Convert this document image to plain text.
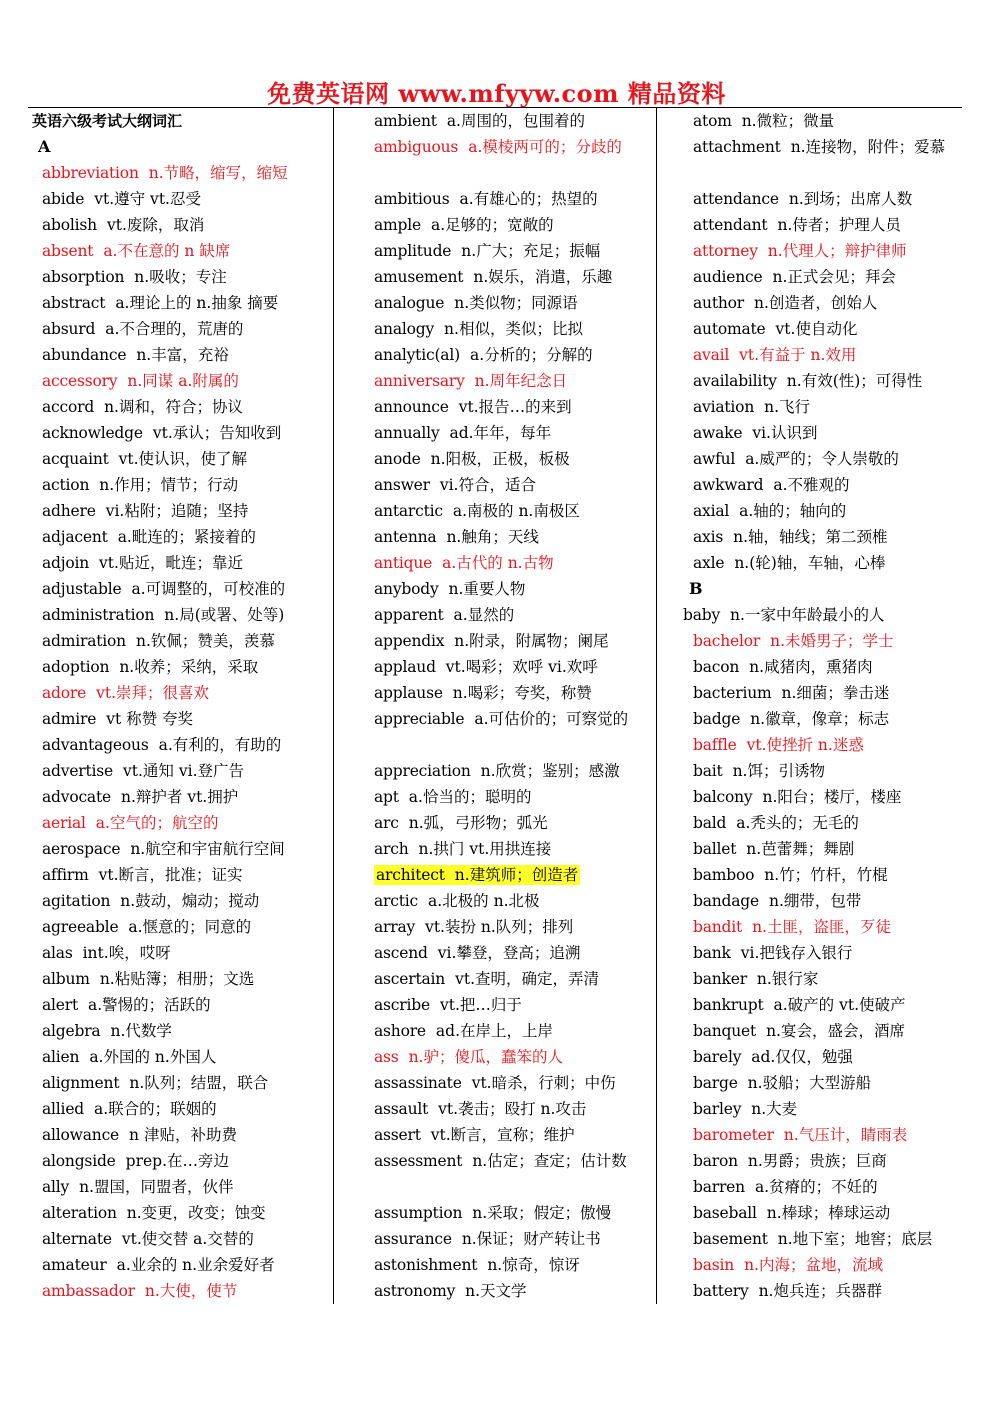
免费英语网 www.mfyyw.com 精品资料
英语六级考试大纲词汇
A
abbreviation n.节略，缩写，缩短
abide vt.遵守 vt.忍受
abolish vt.废除，取消
absent a.不在意的 n 缺席
absorption n.吸收；专注
abstract a.理论上的 n.抽象 摘要
absurd a.不合理的，荒唐的
abundance n.丰富，充裕
accessory n.同谋 a.附属的
accord n.调和，符合；协议
acknowledge vt.承认；告知收到
acquaint vt.使认识，使了解
action n.作用；情节；行动
adhere vi.粘附；追随；坚持
adjacent a.毗连的；紧接着的
adjoin vt.贴近，毗连；靠近
adjustable a.可调整的，可校准的
administration n.局(或署、处等)
admiration n.钦佩；赞美，羡慕
adoption n.收养；采纳，采取
adore vt.崇拜；很喜欢
admire vt 称赞 夸奖
advantageous a.有利的，有助的
advertise vt.通知 vi.登广告
advocate n.辩护者 vt.拥护
aerial a.空气的；航空的
aerospace n.航空和宇宙航行空间
affirm vt.断言，批准；证实
agitation n.鼓动，煽动；搅动
agreeable a.惬意的；同意的
alas int.唉，哎呀
album n.粘贴簿；相册；文选
alert a.警惕的；活跃的
algebra n.代数学
alien a.外国的 n.外国人
alignment n.队列；结盟，联合
allied a.联合的；联姻的
allowance n 津贴，补助费
alongside prep.在…旁边
ally n.盟国，同盟者，伙伴
alteration n.变更，改变；蚀变
alternate vt.使交替 a.交替的
amateur a.业余的 n.业余爱好者
ambassador n.大使，使节
ambient a.周围的，包围着的
ambiguous a.模棱两可的；分歧的
ambitious a.有雄心的；热望的
ample a.足够的；宽敞的
amplitude n.广大；充足；振幅
amusement n.娱乐，消遣，乐趣
analogue n.类似物；同源语
analogy n.相似，类似；比拟
analytic(al) a.分析的；分解的
anniversary n.周年纪念日
announce vt.报告…的来到
annually ad.年年，每年
anode n.阳极，正极，板极
answer vi.符合，适合
antarctic a.南极的 n.南极区
antenna n.触角；天线
antique a.古代的 n.古物
anybody n.重要人物
apparent a.显然的
appendix n.附录，附属物；阑尾
applaud vt.喝彩；欢呼 vi.欢呼
applause n.喝彩；夸奖，称赞
appreciable a.可估价的；可察觉的
appreciation n.欣赏；鉴别；感激
apt a.恰当的；聪明的
arc n.弧，弓形物；弧光
arch n.拱门 vt.用拱连接
architect n.建筑师；创造者
arctic a.北极的 n.北极
array vt.装扮 n.队列；排列
ascend vi.攀登，登高；追溯
ascertain vt.查明，确定，弄清
ascribe vt.把…归于
ashore ad.在岸上，上岸
ass n.驴；傻瓜，蠢笨的人
assassinate vt.暗杀，行刺；中伤
assault vt.袭击；殴打 n.攻击
assert vt.断言，宣称；维护
assessment n.估定；查定；估计数
assumption n.采取；假定；傲慢
assurance n.保证；财产转让书
astonishment n.惊奇，惊讶
astronomy n.天文学
atom n.微粒；微量
attachment n.连接物，附件；爱慕
attendance n.到场；出席人数
attendant n.侍者；护理人员
attorney n.代理人；辩护律师
audience n.正式会见；拜会
author n.创造者，创始人
automate vt.使自动化
avail vt.有益于 n.效用
availability n.有效(性)；可得性
aviation n.飞行
awake vi.认识到
awful a.威严的；令人崇敬的
awkward a.不雅观的
axial a.轴的；轴向的
axis n.轴，轴线；第二颈椎
axle n.(轮)轴，车轴，心棒
B
baby n.一家中年龄最小的人
bachelor n.未婚男子；学士
bacon n.咸猪肉，熏猪肉
bacterium n.细菌；拳击迷
badge n.徽章，像章；标志
baffle vt.使挫折 n.迷惑
bait n.饵；引诱物
balcony n.阳台；楼厅，楼座
bald a.秃头的；无毛的
ballet n.芭蕾舞；舞剧
bamboo n.竹；竹杆，竹棍
bandage n.绷带，包带
bandit n.土匪，盗匪，歹徒
bank vi.把钱存入银行
banker n.银行家
bankrupt a.破产的 vt.使破产
banquet n.宴会，盛会，酒席
barely ad.仅仅，勉强
barge n.驳船；大型游船
barley n.大麦
barometer n.气压计，睛雨表
baron n.男爵；贵族；巨商
barren a.贫瘠的；不妊的
baseball n.棒球；棒球运动
basement n.地下室；地窖；底层
basin n.内海；盆地，流域
battery n.炮兵连；兵器群
